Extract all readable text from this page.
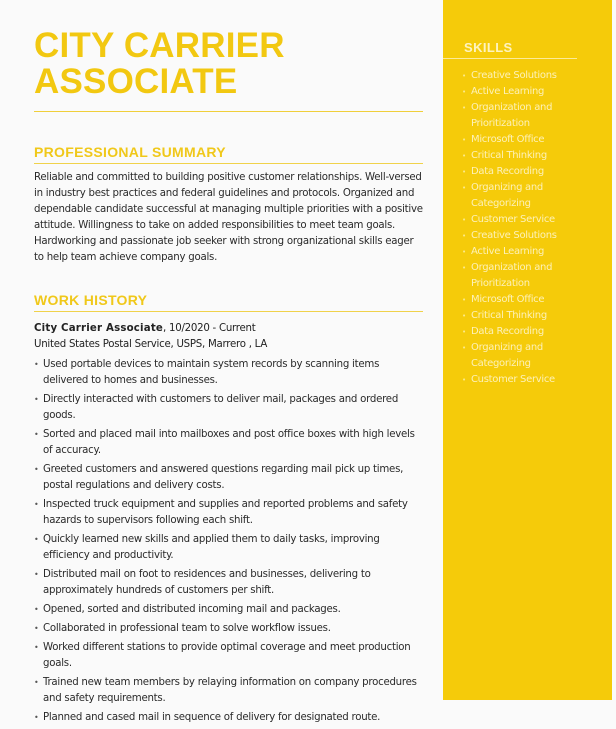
CITY CARRIER
ASSOCIATE
PROFESSIONAL SUMMARY

Reliable and committed to building positive customer relationships. Well-versed in industry best practices and federal guidelines and protocols. Organized and dependable candidate successful at managing multiple priorities with a positive attitude. Willingness to take on added responsibilities to meet team goals. Hardworking and passionate job seeker with strong organizational skills eager to help team achieve company goals.

WORK HISTORY
City Carrier Associate, 10/2020 - Current
United States Postal Service, USPS, Marrero , LA
• Used portable devices to maintain system records by scanning items delivered to homes and businesses.
• Directly interacted with customers to deliver mail, packages and ordered goods.
• Sorted and placed mail into mailboxes and post office boxes with high levels of accuracy.
• Greeted customers and answered questions regarding mail pick up times, postal regulations and delivery costs.
• Inspected truck equipment and supplies and reported problems and safety hazards to supervisors following each shift.
• Quickly learned new skills and applied them to daily tasks, improving efficiency and productivity.
• Distributed mail on foot to residences and businesses, delivering to approximately hundreds of customers per shift.
• Opened, sorted and distributed incoming mail and packages.
• Collaborated in professional team to solve workflow issues.
• Worked different stations to provide optimal coverage and meet production goals.
• Trained new team members by relaying information on company procedures and safety requirements.
• Planned and cased mail in sequence of delivery for designated route.
SKILLS
• Creative Solutions
• Active Learning
• Organization and Prioritization
• Microsoft Office
• Critical Thinking
• Data Recording
• Organizing and Categorizing
• Customer Service
• Creative Solutions
• Active Learning
• Organization and Prioritization
• Microsoft Office
• Critical Thinking
• Data Recording
• Organizing and Categorizing
• Customer Service
